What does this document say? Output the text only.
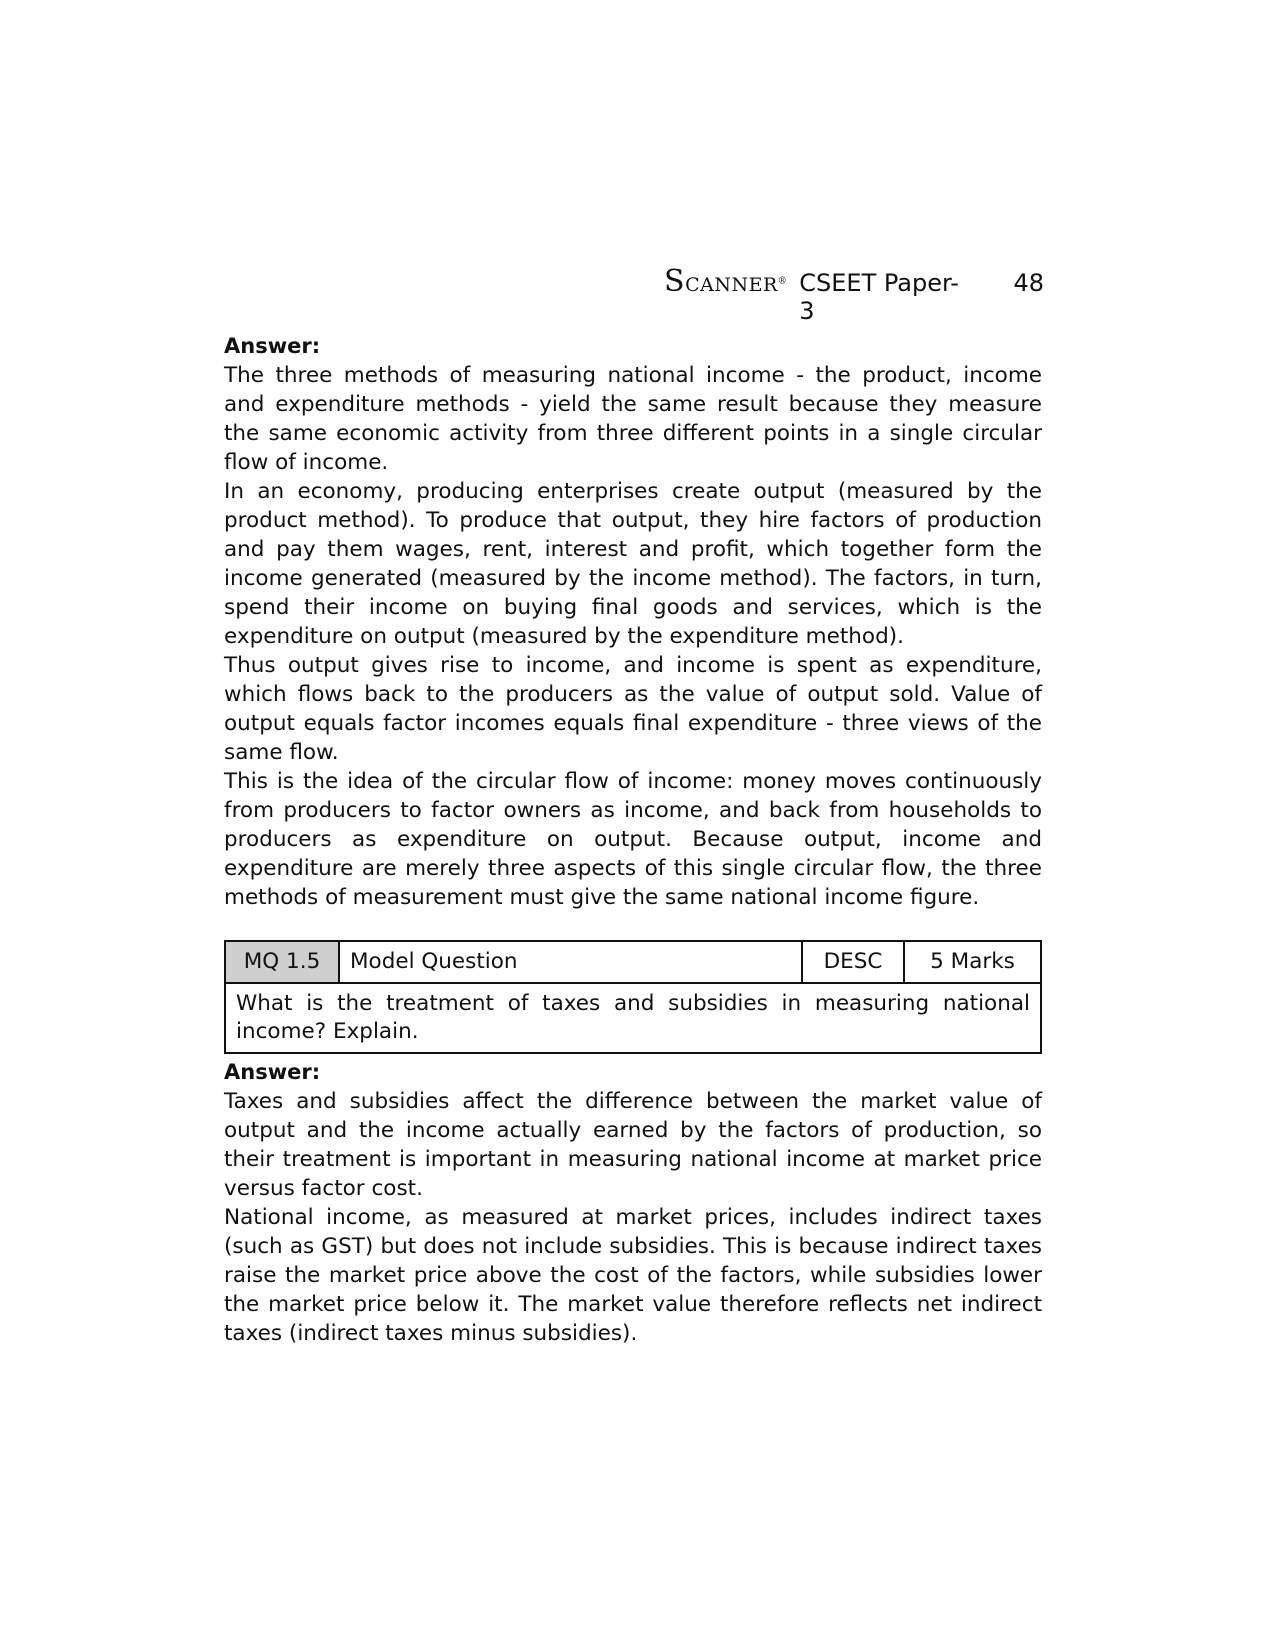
SCANNER® CSEET Paper-3
48

Answer:

The three methods of measuring national income - the product, income and expenditure methods - yield the same result because they measure the same economic activity from three different points in a single circular flow of income.

In an economy, producing enterprises create output (measured by the product method). To produce that output, they hire factors of production and pay them wages, rent, interest and profit, which together form the income generated (measured by the income method). The factors, in turn, spend their income on buying final goods and services, which is the expenditure on output (measured by the expenditure method).

Thus output gives rise to income, and income is spent as expenditure, which flows back to the producers as the value of output sold. Value of output equals factor incomes equals final expenditure - three views of the same flow.

This is the idea of the circular flow of income: money moves continuously from producers to factor owners as income, and back from households to producers as expenditure on output. Because output, income and expenditure are merely three aspects of this single circular flow, the three methods of measurement must give the same national income figure.

MQ 1.5	Model Question	DESC	5 Marks
What is the treatment of taxes and subsidies in measuring national income? Explain.

Answer:

Taxes and subsidies affect the difference between the market value of output and the income actually earned by the factors of production, so their treatment is important in measuring national income at market price versus factor cost.

National income, as measured at market prices, includes indirect taxes (such as GST) but does not include subsidies. This is because indirect taxes raise the market price above the cost of the factors, while subsidies lower the market price below it. The market value therefore reflects net indirect taxes (indirect taxes minus subsidies).
